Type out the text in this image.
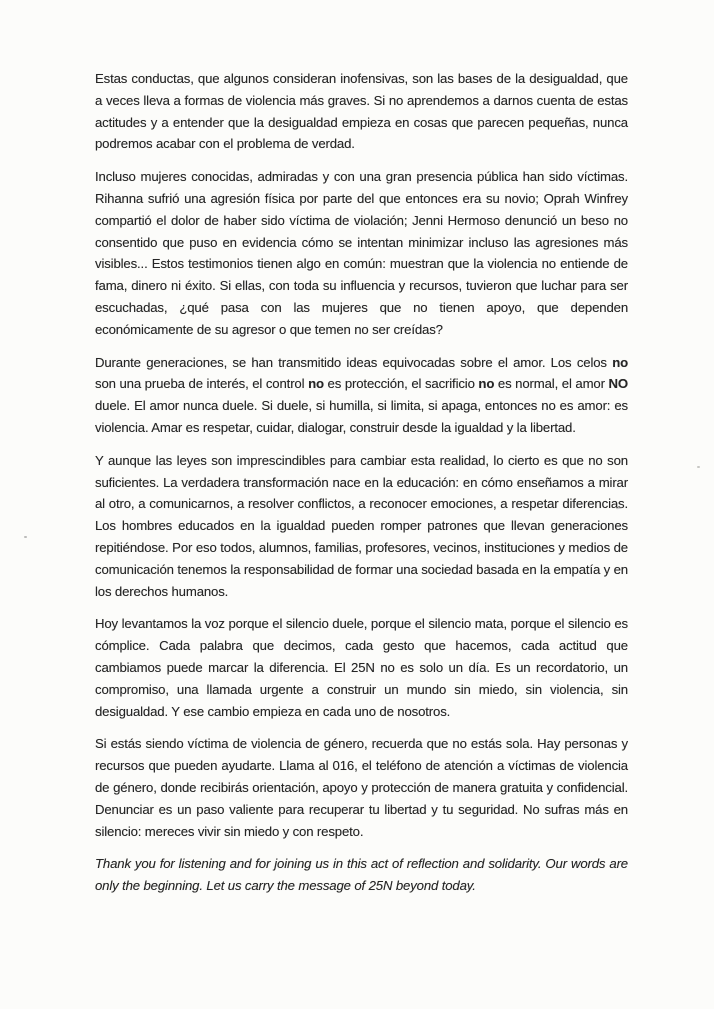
Estas conductas, que algunos consideran inofensivas, son las bases de la desigualdad, que a veces lleva a formas de violencia más graves. Si no aprendemos a darnos cuenta de estas actitudes y a entender que la desigualdad empieza en cosas que parecen pequeñas, nunca podremos acabar con el problema de verdad.

Incluso mujeres conocidas, admiradas y con una gran presencia pública han sido víctimas. Rihanna sufrió una agresión física por parte del que entonces era su novio; Oprah Winfrey compartió el dolor de haber sido víctima de violación; Jenni Hermoso denunció un beso no consentido que puso en evidencia cómo se intentan minimizar incluso las agresiones más visibles... Estos testimonios tienen algo en común: muestran que la violencia no entiende de fama, dinero ni éxito. Si ellas, con toda su influencia y recursos, tuvieron que luchar para ser escuchadas, ¿qué pasa con las mujeres que no tienen apoyo, que dependen económicamente de su agresor o que temen no ser creídas?

Durante generaciones, se han transmitido ideas equivocadas sobre el amor. Los celos no son una prueba de interés, el control no es protección, el sacrificio no es normal, el amor NO duele. El amor nunca duele. Si duele, si humilla, si limita, si apaga, entonces no es amor: es violencia. Amar es respetar, cuidar, dialogar, construir desde la igualdad y la libertad.

Y aunque las leyes son imprescindibles para cambiar esta realidad, lo cierto es que no son suficientes. La verdadera transformación nace en la educación: en cómo enseñamos a mirar al otro, a comunicarnos, a resolver conflictos, a reconocer emociones, a respetar diferencias. Los hombres educados en la igualdad pueden romper patrones que llevan generaciones repitiéndose. Por eso todos, alumnos, familias, profesores, vecinos, instituciones y medios de comunicación tenemos la responsabilidad de formar una sociedad basada en la empatía y en los derechos humanos.

Hoy levantamos la voz porque el silencio duele, porque el silencio mata, porque el silencio es cómplice. Cada palabra que decimos, cada gesto que hacemos, cada actitud que cambiamos puede marcar la diferencia. El 25N no es solo un día. Es un recordatorio, un compromiso, una llamada urgente a construir un mundo sin miedo, sin violencia, sin desigualdad. Y ese cambio empieza en cada uno de nosotros.

Si estás siendo víctima de violencia de género, recuerda que no estás sola. Hay personas y recursos que pueden ayudarte. Llama al 016, el teléfono de atención a víctimas de violencia de género, donde recibirás orientación, apoyo y protección de manera gratuita y confidencial. Denunciar es un paso valiente para recuperar tu libertad y tu seguridad. No sufras más en silencio: mereces vivir sin miedo y con respeto.

Thank you for listening and for joining us in this act of reflection and solidarity. Our words are only the beginning. Let us carry the message of 25N beyond today.
